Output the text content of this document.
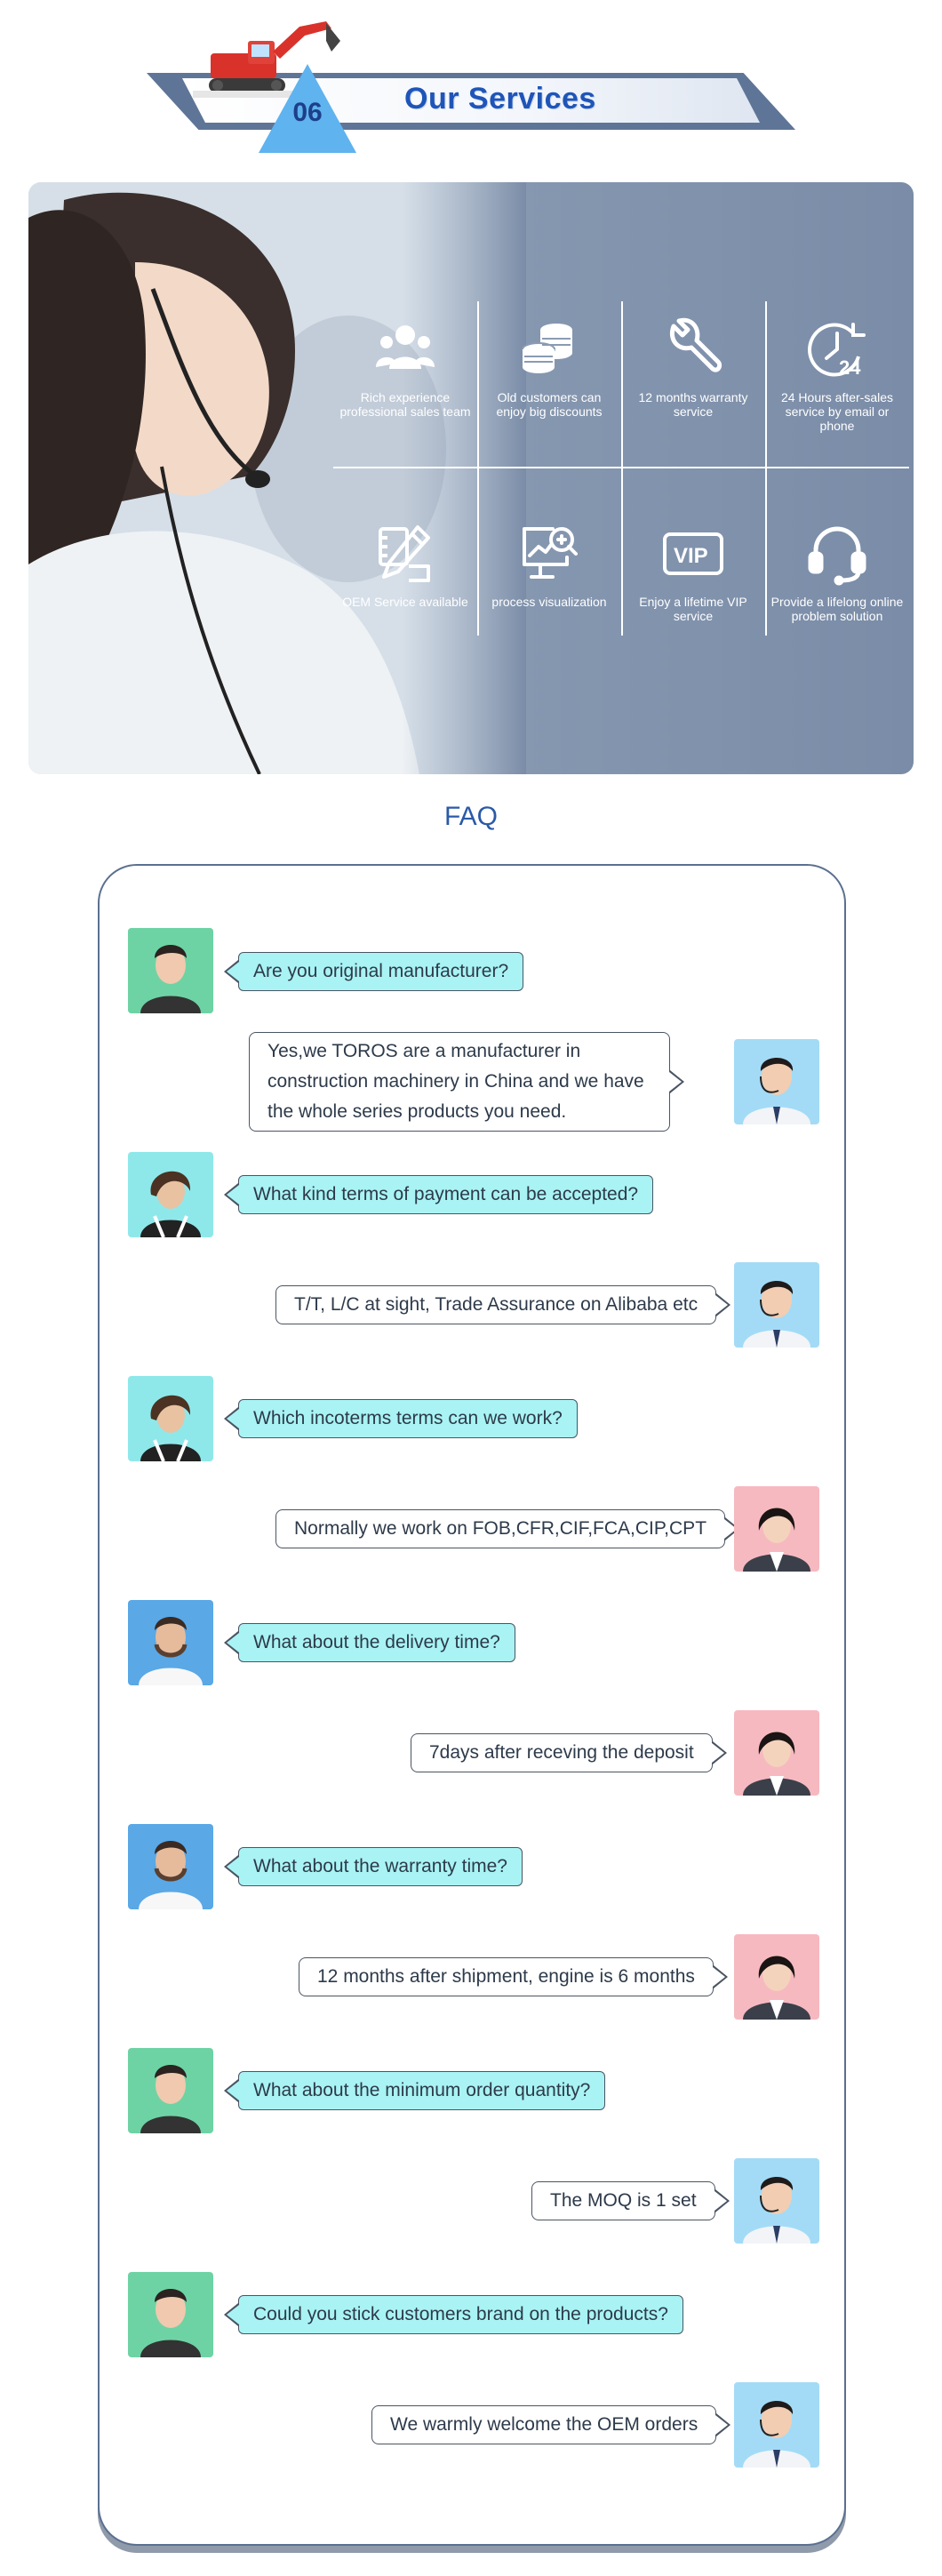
06	Our Services
Rich experience professional sales team
Old customers can enjoy big discounts
12 months warranty service
24
24 Hours after-sales service by email or phone
OEM Service available	process visualization
VIP
Enjoy a lifetime VIP service
Provide a lifelong online problem solution
FAQ
Are you original manufacturer?
Yes,we TOROS are a manufacturer in construction machinery in China and we have the whole series products you need.
What kind terms of payment can be accepted?
T/T, L/C at sight, Trade Assurance on Alibaba etc
Which incoterms terms can we work?
Normally we work on FOB,CFR,CIF,FCA,CIP,CPT
What about the delivery time?
7days after receving the deposit
What about the warranty time?
12 months after shipment, engine is 6 months
What about the minimum order quantity?
The MOQ is 1 set
Could you stick customers brand on the products?
We warmly welcome the OEM orders
